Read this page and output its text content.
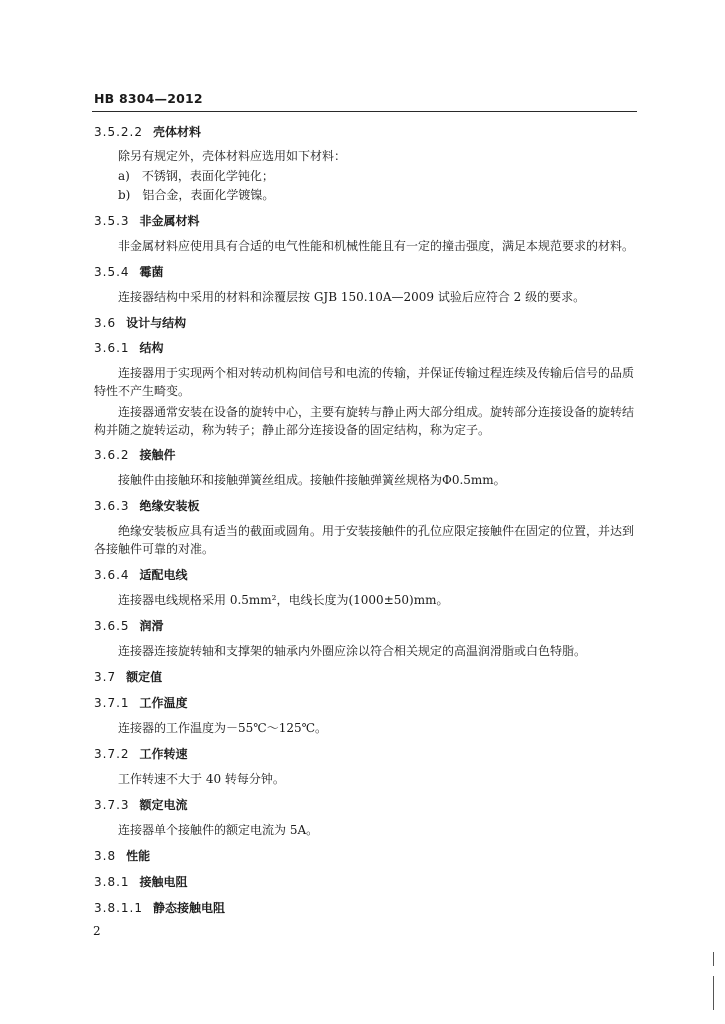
HB 8304—2012
3.5.2.2 壳体材料
除另有规定外，壳体材料应选用如下材料：
a)　不锈钢，表面化学钝化；
b)　铝合金，表面化学镀镍。
3.5.3 非金属材料
非金属材料应使用具有合适的电气性能和机械性能且有一定的撞击强度，满足本规范要求的材料。
3.5.4 霉菌
连接器结构中采用的材料和涂覆层按 GJB 150.10A—2009 试验后应符合 2 级的要求。
3.6 设计与结构
3.6.1 结构
连接器用于实现两个相对转动机构间信号和电流的传输，并保证传输过程连续及传输后信号的品质
特性不产生畸变。
连接器通常安装在设备的旋转中心，主要有旋转与静止两大部分组成。旋转部分连接设备的旋转结
构并随之旋转运动，称为转子；静止部分连接设备的固定结构，称为定子。
3.6.2 接触件
接触件由接触环和接触弹簧丝组成。接触件接触弹簧丝规格为Φ0.5mm。
3.6.3 绝缘安装板
绝缘安装板应具有适当的截面或圆角。用于安装接触件的孔位应限定接触件在固定的位置，并达到
各接触件可靠的对准。
3.6.4 适配电线
连接器电线规格采用 0.5mm²，电线长度为(1000±50)mm。
3.6.5 润滑
连接器连接旋转轴和支撑架的轴承内外圈应涂以符合相关规定的高温润滑脂或白色特脂。
3.7 额定值
3.7.1 工作温度
连接器的工作温度为－55℃～125℃。
3.7.2 工作转速
工作转速不大于 40 转每分钟。
3.7.3 额定电流
连接器单个接触件的额定电流为 5A。
3.8 性能
3.8.1 接触电阻
3.8.1.1 静态接触电阻
2
